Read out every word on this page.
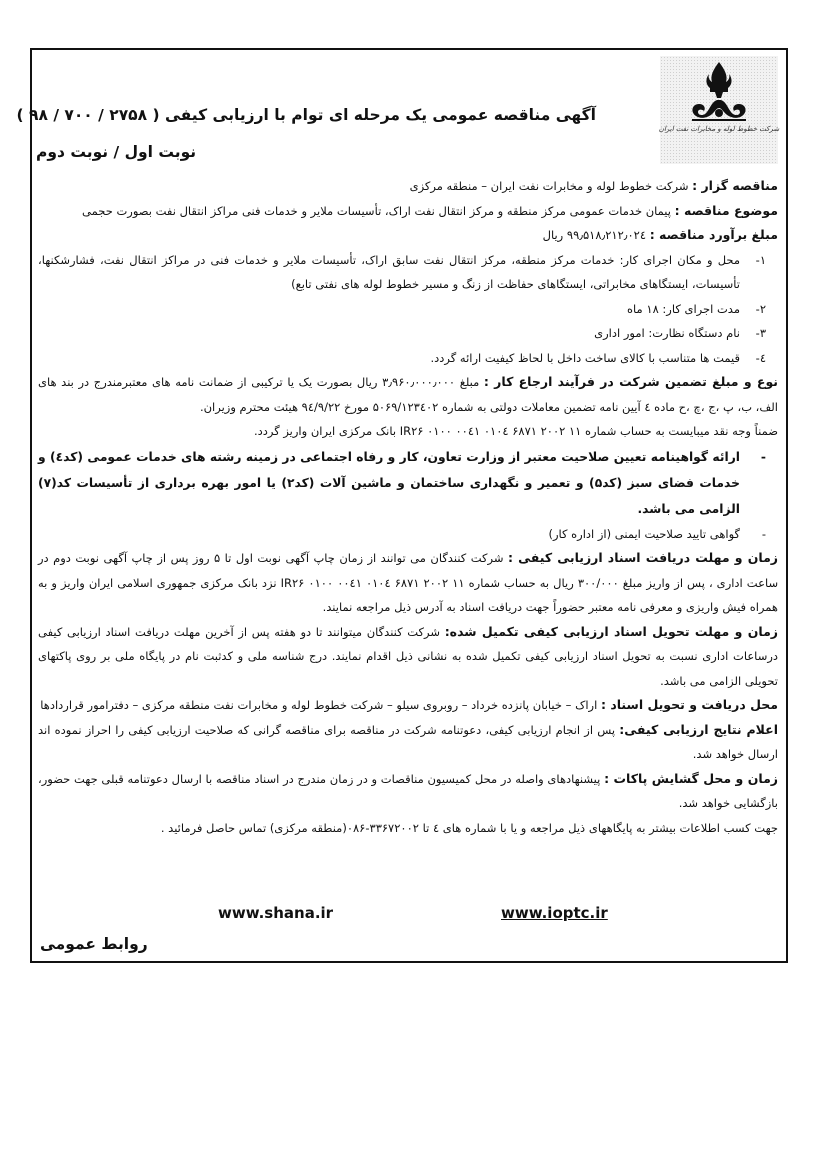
شرکت خطوط لوله و مخابرات نفت ایران
آگهی مناقصه عمومی یک مرحله ای توام با ارزیابی کیفی ( ۲۷۵۸ / ۷۰۰ / ۹۸ )
نوبت اول / نوبت دوم

مناقصه گزار : شرکت خطوط لوله و مخابرات نفت ایران – منطقه مرکزی

موضوع مناقصه : پیمان خدمات عمومی مرکز منطقه و مرکز انتقال نفت اراک، تأسیسات ملایر و خدمات فنی مراکز انتقال نفت بصورت حجمی

مبلغ برآورد مناقصه : ۹۹٫۵۱۸٫۲۱۲٫۰۲٤ ریال

۱-
محل و مکان اجرای کار: خدمات مرکز منطقه، مرکز انتقال نفت سابق اراک، تأسیسات ملایر و خدمات فنی در مراکز انتقال نفت، فشارشکنها، تأسیسات، ایستگاهای مخابراتی، ایستگاهای حفاظت از زنگ و مسیر خطوط لوله های نفتی تابع)
۲-
مدت اجرای کار: ۱۸ ماه
۳-
نام دستگاه نظارت: امور اداری
٤-
قیمت ها متناسب با کالای ساخت داخل با لحاظ کیفیت ارائه گردد.

نوع و مبلغ تضمین شرکت در فرآیند ارجاع کار : مبلغ ۳٫۹۶۰٫۰۰۰٫۰۰۰ ریال بصورت یک یا ترکیبی از ضمانت نامه های معتبرمندرج در بند های الف، ب، پ ،ج ،چ ،ح ماده ٤ آیین نامه تضمین معاملات دولتی به شماره ۵۰۶۹/۱۲۳٤۰۲ مورخ ۹٤/۹/۲۲ هیئت محترم وزیران.

ضمناً وجه نقد میبایست به حساب شماره ۱۱ ۲۰۰۲ ۶۸۷۱ ۰۱۰٤ ۰۰٤۱ ۰۱۰۰ IR۲۶ بانک مرکزی ایران واریز گردد.

-
ارائه گواهینامه تعیین صلاحیت معتبر از وزارت تعاون، کار و رفاه اجتماعی در زمینه رشته های خدمات عمومی (کد٤) و خدمات فضای سبز (کد۵) و تعمیر و نگهداری ساختمان و ماشین آلات (کد۲) یا امور بهره برداری از تأسیسات کد(۷) الزامی می باشد.
-
گواهی تایید صلاحیت ایمنی (از اداره کار)

زمان و مهلت دریافت اسناد ارزیابی کیفی : شرکت کنندگان می توانند از زمان چاپ آگهی نوبت اول تا ۵ روز پس از چاپ آگهی نوبت دوم در ساعت اداری ، پس از واریز مبلغ ۳۰۰/۰۰۰ ریال به حساب شماره ۱۱ ۲۰۰۲ ۶۸۷۱ ۰۱۰٤ ۰۰٤۱ ۰۱۰۰ IR۲۶ نزد بانک مرکزی جمهوری اسلامی ایران واریز و به همراه فیش واریزی و معرفی نامه معتبر حضوراً جهت دریافت اسناد به آدرس ذیل مراجعه نمایند.

زمان و مهلت تحویل اسناد ارزیابی کیفی تکمیل شده: شرکت کنندگان میتوانند تا دو هفته پس از آخرین مهلت دریافت اسناد ارزیابی کیفی درساعات اداری نسبت به تحویل اسناد ارزیابی کیفی تکمیل شده به نشانی ذیل اقدام نمایند. درج شناسه ملی و کدثبت نام در پایگاه ملی بر روی پاکتهای تحویلی الزامی می باشد.

محل دریافت و تحویل اسناد : اراک – خیابان پانزده خرداد – روبروی سیلو – شرکت خطوط لوله و مخابرات نفت منطقه مرکزی – دفترامور قراردادها

اعلام نتایج ارزیابی کیفی: پس از انجام ارزیابی کیفی، دعوتنامه شرکت در مناقصه برای مناقصه گرانی که صلاحیت ارزیابی کیفی را احراز نموده اند ارسال خواهد شد.

زمان و محل گشایش پاکات : پیشنهادهای واصله در محل کمیسیون مناقصات و در زمان مندرج در اسناد مناقصه با ارسال دعوتنامه قبلی جهت حضور، بازگشایی خواهد شد.

جهت کسب اطلاعات بیشتر به پایگاههای ذیل مراجعه و یا با شماره های ٤ تا ۳۳۶۷۲۰۰۲-۰۸۶(منطقه مرکزی) تماس حاصل فرمائید .

www.shana.ir	www.ioptc.ir
روابط عمومی
